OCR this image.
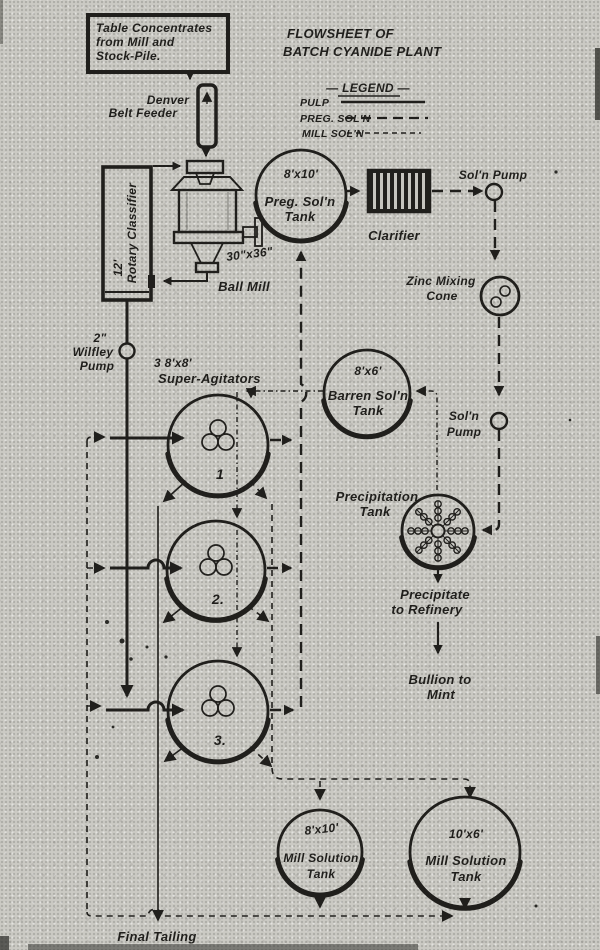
FLOWSHEET OF
BATCH CYANIDE PLANT
— LEGEND —
PULP
PREG. SOL'N
MILL SOL'N
Table Concentrates
from Mill and
Stock-Pile.
Denver
Belt Feeder
12' Rotary Classifier	30"x36"
Ball Mill
8'x10'
Preg. Sol'n
Tank
Clarifier
Sol'n Pump
Zinc Mixing
Cone
Sol'n
Pump
2"
Wilfley
Pump	3 8'x8'
Super-Agitators
1
2.
3.
8'x6'
Barren Sol'n
Tank
Precipitation
Tank
Precipitate
to Refinery
Bullion to
Mint
8'x10'
Mill Solution
Tank
10'x6'
Mill Solution
Tank
Final Tailing
